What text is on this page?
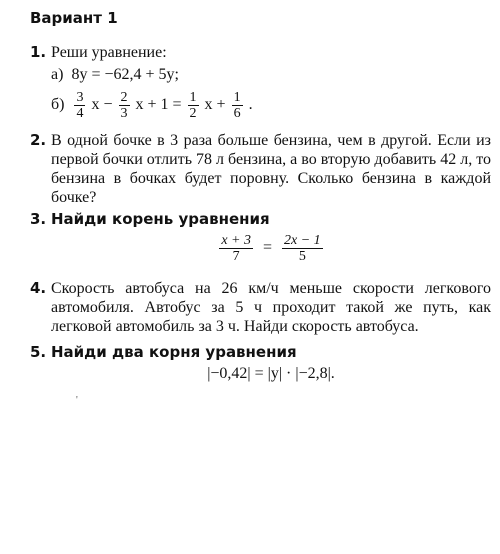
Вариант 1
1. Реши уравнение:
а) 8y = −62,4 + 5y;
$б) \frac{3}{4}$ $x - \frac{2}{3}$ $x + 1 = \frac{1}{2}$ $x + \frac{1}{6}$ .
2. В одной бочке в 3 раза больше бензина, чем в другой. Если из первой бочки отлить 78 л бензина, а во вторую добавить 42 л, то бензина в бочках будет поровну. Сколько бензина в каждой бочке?
3. Найди корень уравнения
$\frac{x + 3}{7} = \frac{2x - 1}{5}$
4. Скорость автобуса на 26 км/ч меньше скорости легкового автомобиля. Автобус за 5 ч проходит такой же путь, как легковой автомобиль за 3 ч. Найди скорость автобуса.
5. Найди два корня уравнения
|−0,42| = |y| · |−2,8|.
'
